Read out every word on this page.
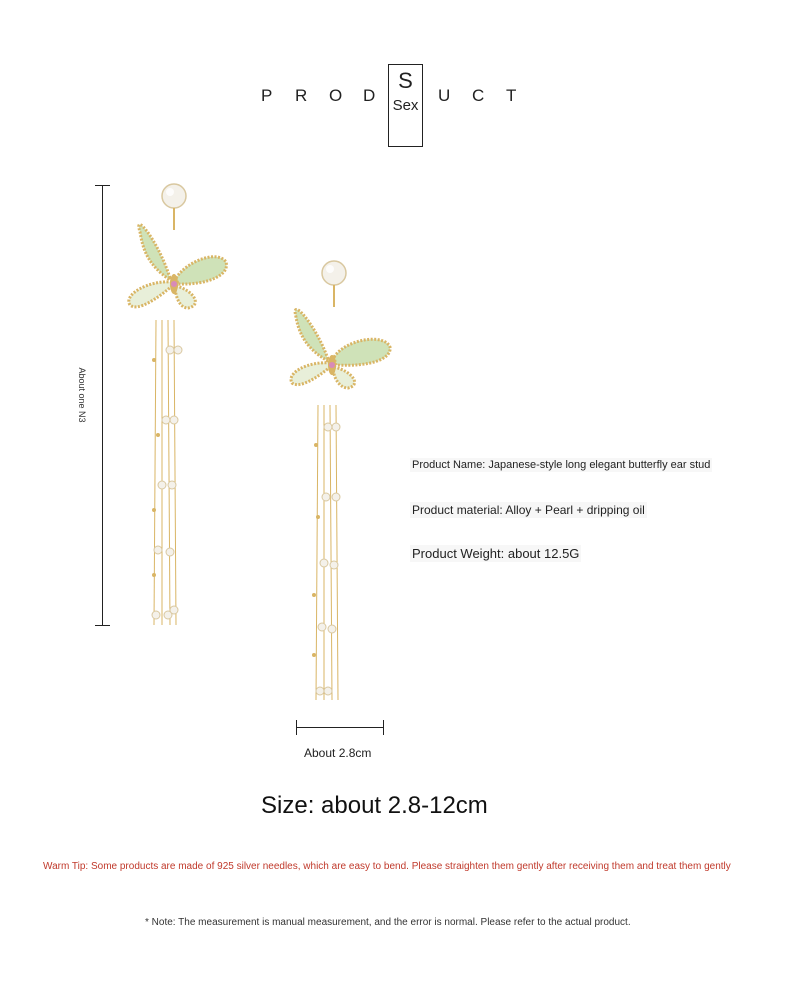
P R O D
S
Sex
U C T
About one N3
About 2.8cm
Product Name: Japanese-style long elegant butterfly ear stud
Product material: Alloy + Pearl + dripping oil
Product Weight: about 12.5G
Size: about 2.8-12cm
Warm Tip: Some products are made of 925 silver needles, which are easy to bend. Please straighten them gently after receiving them and treat them gently
* Note: The measurement is manual measurement, and the error is normal. Please refer to the actual product.
